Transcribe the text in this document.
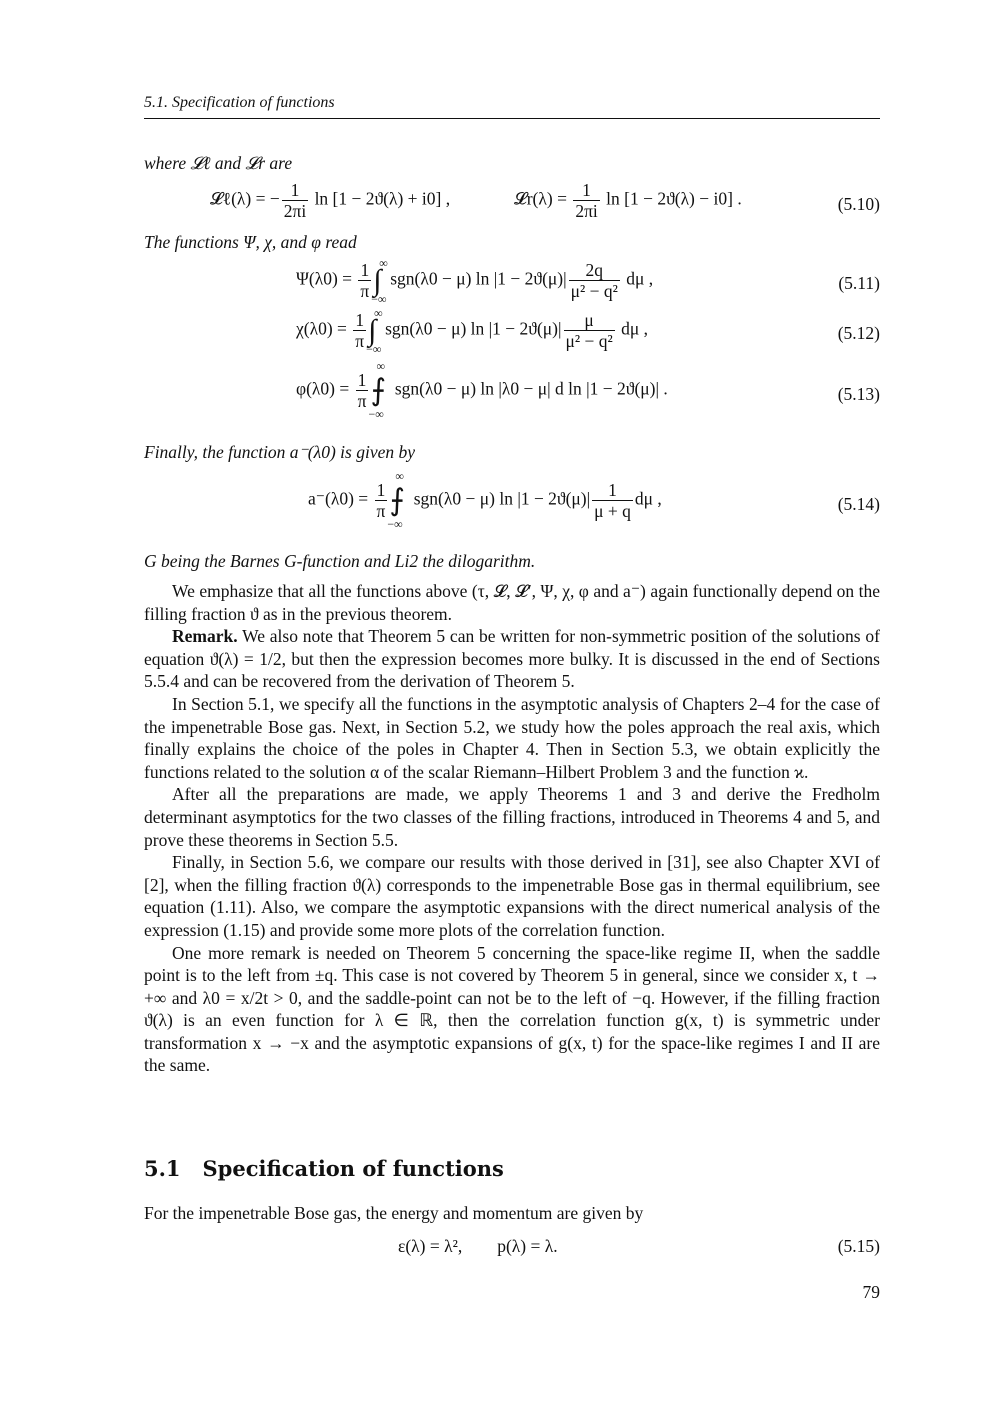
5.1. Specification of functions
where 𝓛ℓ and 𝓛r are
𝓛ℓ(λ) = − $\frac{1}{2\pi i}$ ln [1 − 2ϑ(λ) + i0] ,	𝓛r(λ) = $\frac{1}{2\pi i}$ ln [1 − 2ϑ(λ) − i0] .	(5.10)
The functions Ψ, χ, and φ read
$\Psi(\lambda 0) = \frac{1}{\pi}$ ∫
∞
−∞
sgn(λ0 − μ) $\ln |1 - 2ϑ(\mu)| \frac{2q}{\text{μ² − q²}}$ dμ ,	(5.11)
$\chi(\lambda 0) = \frac{1}{\pi}$ ∫
∞
−∞
sgn(λ0 − μ) $\ln |1 - 2ϑ(\mu)| \frac{\mu}{\text{μ² − q²}}$ dμ ,	(5.12)
$\varphi(\lambda 0) = \frac{1}{\pi}$ ⨍
∞
−∞
sgn(λ0 − μ) ln |λ0 − μ| d ln |1 − 2ϑ(μ)| .	(5.13)
Finally, the function a⁻(λ0) is given by
$a^-(\lambda 0) = \frac{1}{\pi}$ ⨍
∞
−∞
sgn(λ0 − μ) $\ln |1 - 2ϑ(\mu)| \frac{1}{\mu + q}$ dμ ,	(5.14)
G being the Barnes G-function and Li2 the dilogarithm.

We emphasize that all the functions above (τ, 𝓛, 𝓛′, Ψ, χ, φ and a⁻) again functionally depend on the filling fraction ϑ as in the previous theorem.

Remark. We also note that Theorem 5 can be written for non-symmetric position of the solutions of equation ϑ(λ) = 1/2, but then the expression becomes more bulky. It is discussed in the end of Sections 5.5.4 and can be recovered from the derivation of Theorem 5.

In Section 5.1, we specify all the functions in the asymptotic analysis of Chapters 2–4 for the case of the impenetrable Bose gas. Next, in Section 5.2, we study how the poles approach the real axis, which finally explains the choice of the poles in Chapter 4. Then in Section 5.3, we obtain explicitly the functions related to the solution α of the scalar Riemann–Hilbert Problem 3 and the function ϰ.

After all the preparations are made, we apply Theorems 1 and 3 and derive the Fredholm determinant asymptotics for the two classes of the filling fractions, introduced in Theorems 4 and 5, and prove these theorems in Section 5.5.

Finally, in Section 5.6, we compare our results with those derived in [31], see also Chapter XVI of [2], when the filling fraction ϑ(λ) corresponds to the impenetrable Bose gas in thermal equilibrium, see equation (1.11). Also, we compare the asymptotic expansions with the direct numerical analysis of the expression (1.15) and provide some more plots of the correlation function.

One more remark is needed on Theorem 5 concerning the space-like regime II, when the saddle point is to the left from ±q. This case is not covered by Theorem 5 in general, since we consider x, t → +∞ and λ0 = x/2t > 0, and the saddle-point can not be to the left of −q. However, if the filling fraction ϑ(λ) is an even function for λ ∈ ℝ, then the correlation function g(x, t) is symmetric under transformation x → −x and the asymptotic expansions of g(x, t) for the space-like regimes I and II are the same.

5.1 Specification of functions
For the impenetrable Bose gas, the energy and momentum are given by
ε(λ) = λ², p(λ) = λ.	(5.15)
79
